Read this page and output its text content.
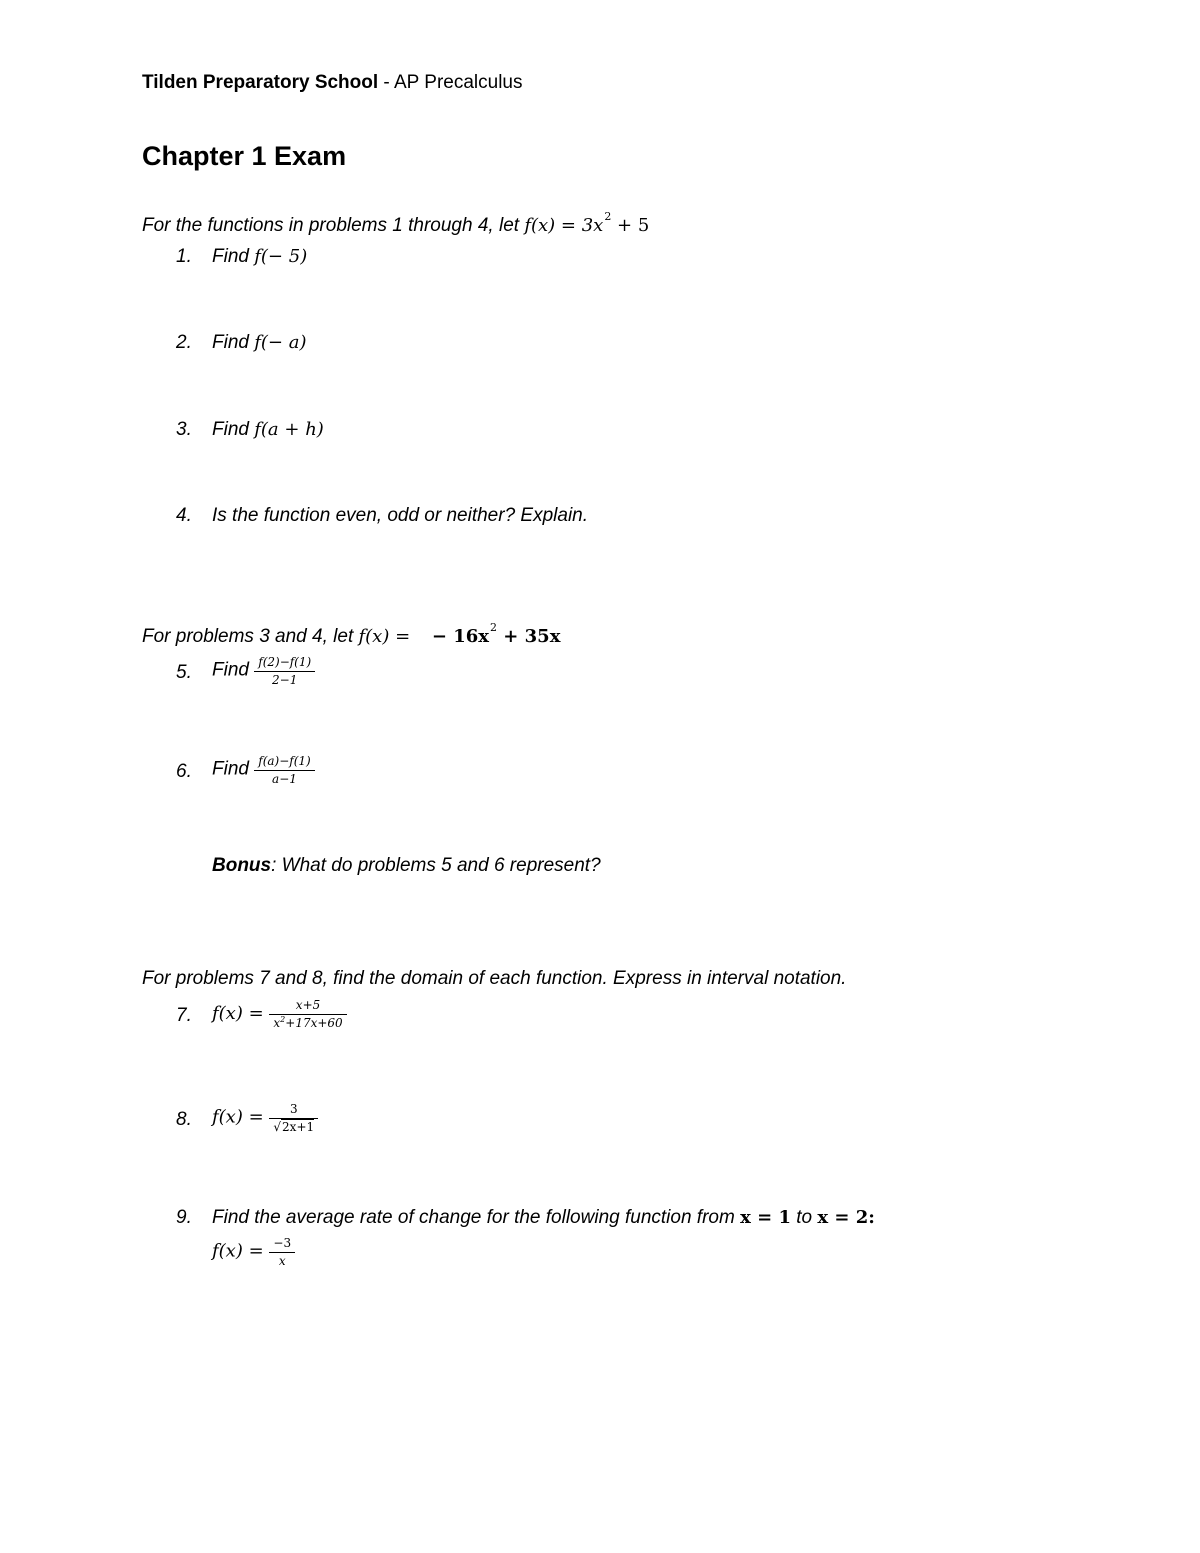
Tilden Preparatory School - AP Precalculus
Chapter 1 Exam
For the functions in problems 1 through 4, let $f(x) = 3x^2 + 5$
1. Find f(− 5)
2. Find f(− a)
3. Find f(a + h)
4. Is the function even, odd or neither? Explain.
For problems 3 and 4, let f(x) = − $16x^2 + 35x$
5. Find $\frac{f(2)-f(1)}{2-1}$
6. Find $\frac{f(a)-f(1)}{a-1}$
Bonus: What do problems 5 and 6 represent?
For problems 7 and 8, find the domain of each function. Express in interval notation.
7. $f(x) = \frac{x+5}{x^2+17x+60}$
8. $f(x) = \frac{3}{√2x+1}$
9. Find the average rate of change for the following function from x = 1 to x = 2:
$f(x) = \frac{-3}{x}$
